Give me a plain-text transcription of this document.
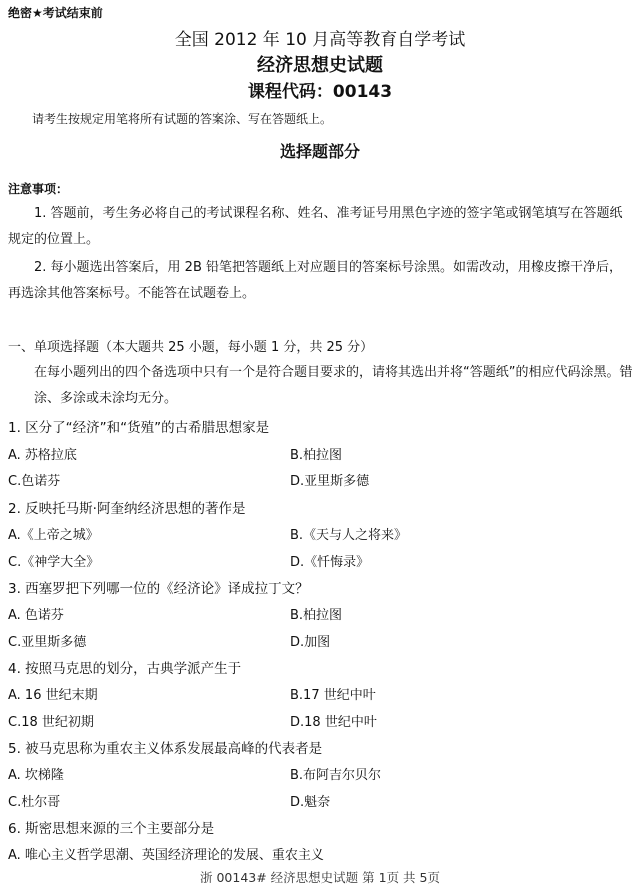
绝密★考试结束前
全国 2012 年 10 月高等教育自学考试
经济思想史试题
课程代码：00143
请考生按规定用笔将所有试题的答案涂、写在答题纸上。
选择题部分
注意事项：
1. 答题前，考生务必将自己的考试课程名称、姓名、准考证号用黑色字迹的签字笔或钢笔填写在答题纸规定的位置上。
2. 每小题选出答案后，用 2B 铅笔把答题纸上对应题目的答案标号涂黑。如需改动，用橡皮擦干净后，再选涂其他答案标号。不能答在试题卷上。
一、单项选择题（本大题共 25 小题，每小题 1 分，共 25 分）
在每小题列出的四个备选项中只有一个是符合题目要求的，请将其选出并将“答题纸”的相应代码涂黑。错涂、多涂或未涂均无分。
1. 区分了“经济”和“货殖”的古希腊思想家是
A. 苏格拉底	B.柏拉图
C.色诺芬	D.亚里斯多德
2. 反映托马斯·阿奎纳经济思想的著作是
A.《上帝之城》	B.《天与人之将来》
C.《神学大全》	D.《忏悔录》
3. 西塞罗把下列哪一位的《经济论》译成拉丁文？
A. 色诺芬	B.柏拉图
C.亚里斯多德	D.加图
4. 按照马克思的划分，古典学派产生于
A. 16 世纪末期	B.17 世纪中叶
C.18 世纪初期	D.18 世纪中叶
5. 被马克思称为重农主义体系发展最高峰的代表者是
A. 坎梯隆	B.布阿吉尔贝尔
C.杜尔哥	D.魁奈
6. 斯密思想来源的三个主要部分是
A. 唯心主义哲学思潮、英国经济理论的发展、重农主义
浙 00143# 经济思想史试题 第 1页 共 5页
